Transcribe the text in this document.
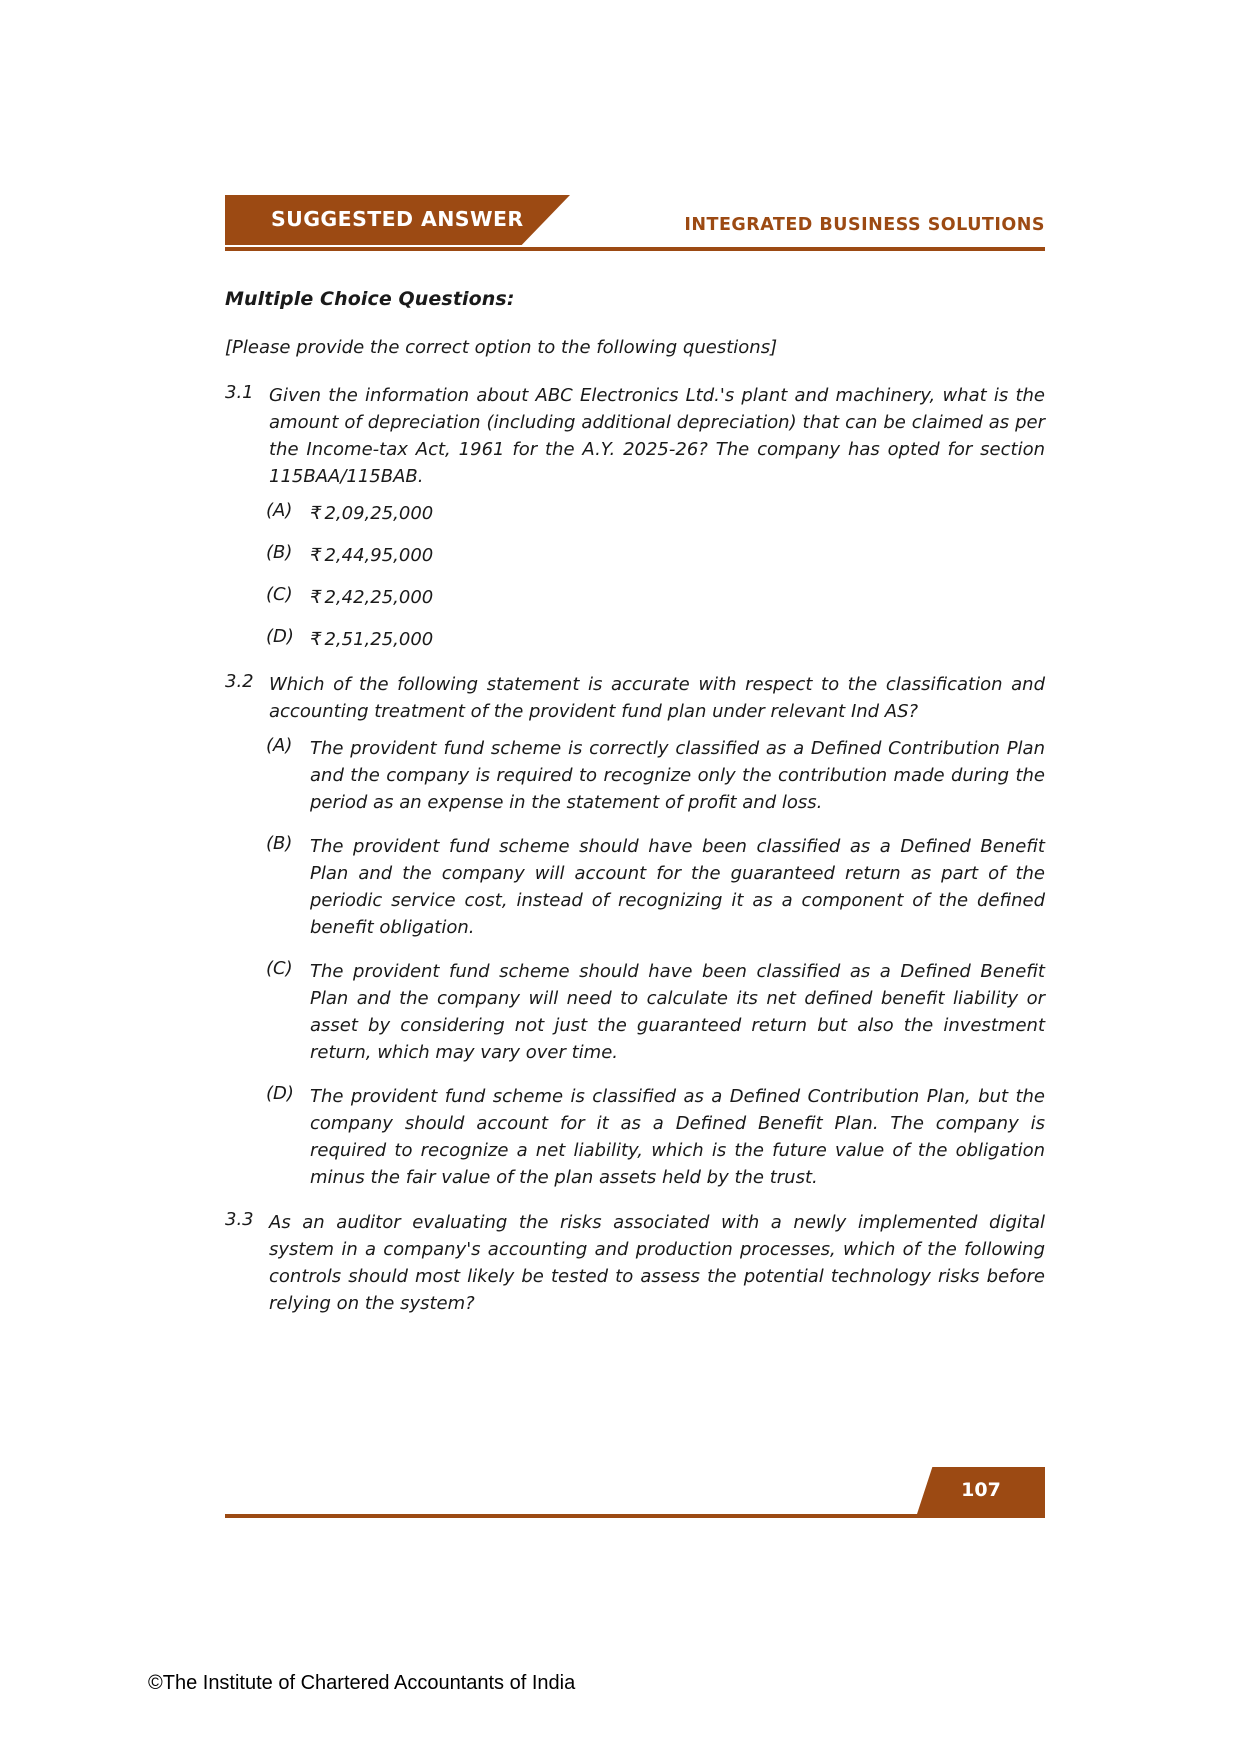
SUGGESTED ANSWER	INTEGRATED BUSINESS SOLUTIONS
Multiple Choice Questions:
[Please provide the correct option to the following questions]
3.1 Given the information about ABC Electronics Ltd.'s plant and machinery, what is the amount of depreciation (including additional depreciation) that can be claimed as per the Income-tax Act, 1961 for the A.Y. 2025-26? The company has opted for section 115BAA/115BAB.
(A) ₹ 2,09,25,000
(B) ₹ 2,44,95,000
(C) ₹ 2,42,25,000
(D) ₹ 2,51,25,000
3.2 Which of the following statement is accurate with respect to the classification and accounting treatment of the provident fund plan under relevant Ind AS?
(A) The provident fund scheme is correctly classified as a Defined Contribution Plan and the company is required to recognize only the contribution made during the period as an expense in the statement of profit and loss.
(B) The provident fund scheme should have been classified as a Defined Benefit Plan and the company will account for the guaranteed return as part of the periodic service cost, instead of recognizing it as a component of the defined benefit obligation.
(C) The provident fund scheme should have been classified as a Defined Benefit Plan and the company will need to calculate its net defined benefit liability or asset by considering not just the guaranteed return but also the investment return, which may vary over time.
(D) The provident fund scheme is classified as a Defined Contribution Plan, but the company should account for it as a Defined Benefit Plan. The company is required to recognize a net liability, which is the future value of the obligation minus the fair value of the plan assets held by the trust.
3.3 As an auditor evaluating the risks associated with a newly implemented digital system in a company's accounting and production processes, which of the following controls should most likely be tested to assess the potential technology risks before relying on the system?
107
©The Institute of Chartered Accountants of India
